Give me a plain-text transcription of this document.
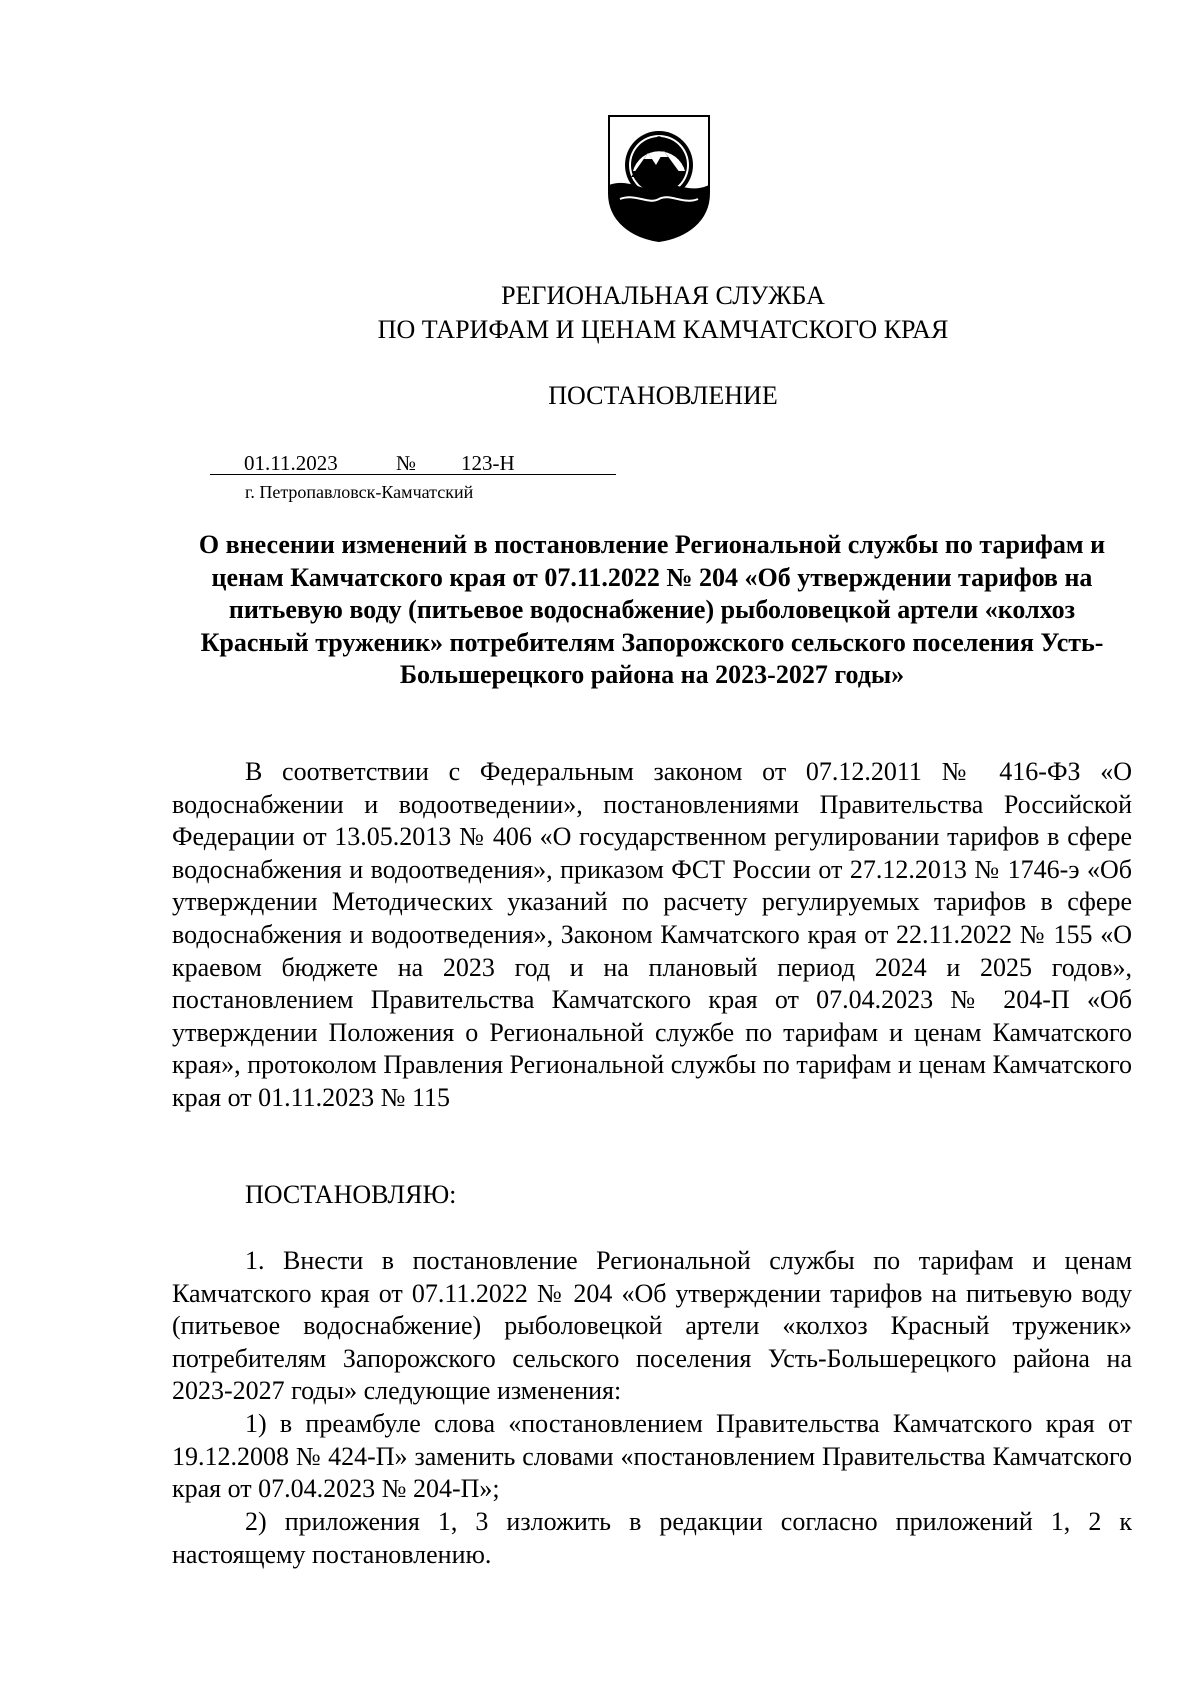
РЕГИОНАЛЬНАЯ СЛУЖБА
ПО ТАРИФАМ И ЦЕНАМ КАМЧАТСКОГО КРАЯ
ПОСТАНОВЛЕНИЕ
01.11.2023	№ 123-Н
г. Петропавловск-Камчатский
О внесении изменений в постановление Региональной службы по тарифам и ценам Камчатского края от 07.11.2022 № 204 «Об утверждении тарифов на питьевую воду (питьевое водоснабжение) рыболовецкой артели «колхоз Красный труженик» потребителям Запорожского сельского поселения Усть-Большерецкого района на 2023-2027 годы»
В соответствии с Федеральным законом от 07.12.2011 № 416-ФЗ «О водоснабжении и водоотведении», постановлениями Правительства Российской Федерации от 13.05.2013 № 406 «О государственном регулировании тарифов в сфере водоснабжения и водоотведения», приказом ФСТ России от 27.12.2013 № 1746-э «Об утверждении Методических указаний по расчету регулируемых тарифов в сфере водоснабжения и водоотведения», Законом Камчатского края от 22.11.2022 № 155 «О краевом бюджете на 2023 год и на плановый период 2024 и 2025 годов», постановлением Правительства Камчатского края от 07.04.2023 № 204-П «Об утверждении Положения о Региональной службе по тарифам и ценам Камчатского края», протоколом Правления Региональной службы по тарифам и ценам Камчатского края от 01.11.2023 № 115
ПОСТАНОВЛЯЮ:
1. Внести в постановление Региональной службы по тарифам и ценам Камчатского края от 07.11.2022 № 204 «Об утверждении тарифов на питьевую воду (питьевое водоснабжение) рыболовецкой артели «колхоз Красный труженик» потребителям Запорожского сельского поселения Усть-Большерецкого района на 2023-2027 годы» следующие изменения:
1) в преамбуле слова «постановлением Правительства Камчатского края от 19.12.2008 № 424-П» заменить словами «постановлением Правительства Камчатского края от 07.04.2023 № 204-П»;
2) приложения 1, 3 изложить в редакции согласно приложений 1, 2 к настоящему постановлению.
